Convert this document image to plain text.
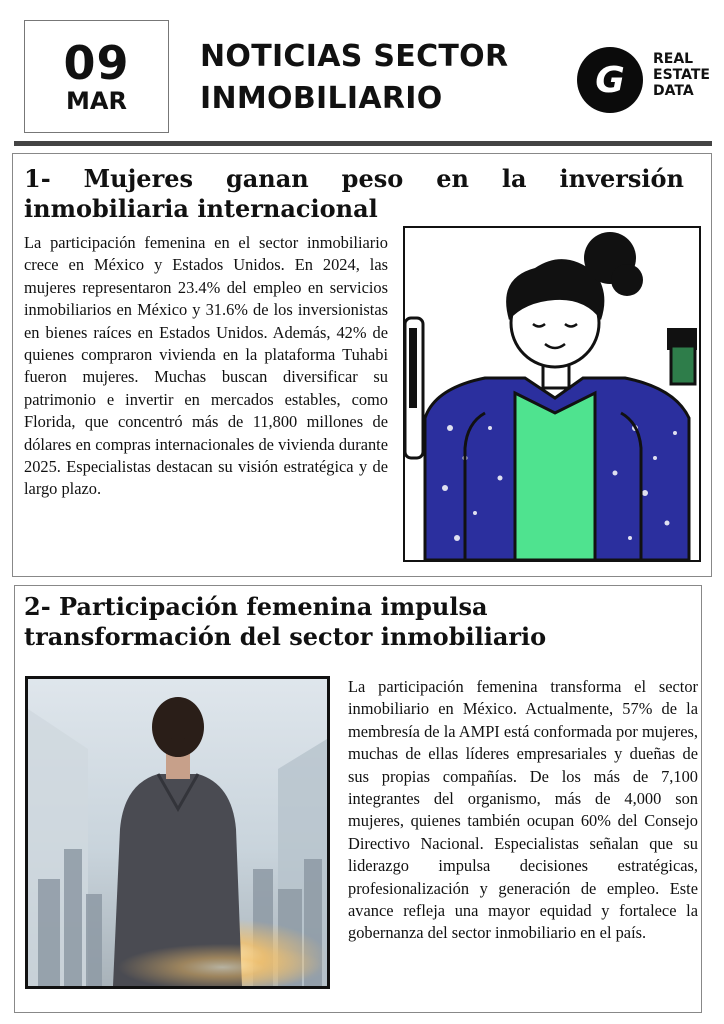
09
MAR
NOTICIAS SECTOR
INMOBILIARIO	G
REAL
ESTATE
DATA
1- Mujeres ganan peso en la inversión inmobiliaria internacional
La participación femenina en el sector inmobiliario crece en México y Estados Unidos. En 2024, las mujeres representaron 23.4% del empleo en servicios inmobiliarios en México y 31.6% de los inversionistas en bienes raíces en Estados Unidos. Además, 42% de quienes compraron vivienda en la plataforma Tuhabi fueron mujeres. Muchas buscan diversificar su patrimonio e invertir en mercados estables, como Florida, que concentró más de 11,800 millones de dólares en compras internacionales de vivienda durante 2025. Especialistas destacan su visión estratégica y de largo plazo.
2- Participación femenina impulsa transformación del sector inmobiliario
La participación femenina transforma el sector inmobiliario en México. Actualmente, 57% de la membresía de la AMPI está conformada por mujeres, muchas de ellas líderes empresariales y dueñas de sus propias compañías. De los más de 7,100 integrantes del organismo, más de 4,000 son mujeres, quienes también ocupan 60% del Consejo Directivo Nacional. Especialistas señalan que su liderazgo impulsa decisiones estratégicas, profesionalización y generación de empleo. Este avance refleja una mayor equidad y fortalece la gobernanza del sector inmobiliario en el país.
